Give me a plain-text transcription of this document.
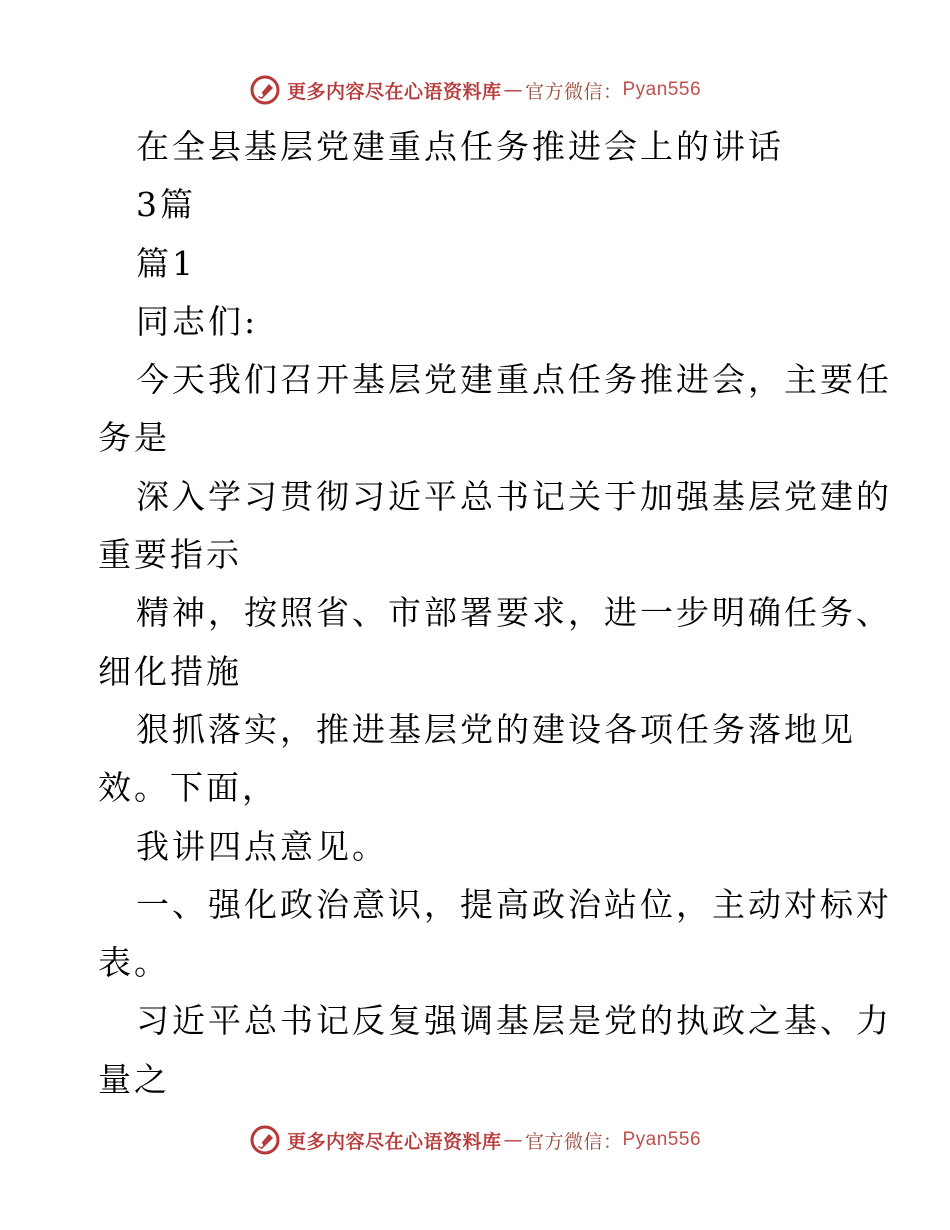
更多内容尽在心语资料库 — 官方微信： Pyan556
在全县基层党建重点任务推进会上的讲话
3篇
篇1
同志们:
今天我们召开基层党建重点任务推进会，主要任
务是
深入学习贯彻习近平总书记关于加强基层党建的
重要指示
精神，按照省、市部署要求，进一步明确任务、
细化措施
狠抓落实，推进基层党的建设各项任务落地见
效。下面，
我讲四点意见。
一、强化政治意识，提高政治站位，主动对标对
表。
习近平总书记反复强调基层是党的执政之基、力
量之
更多内容尽在心语资料库 — 官方微信： Pyan556
